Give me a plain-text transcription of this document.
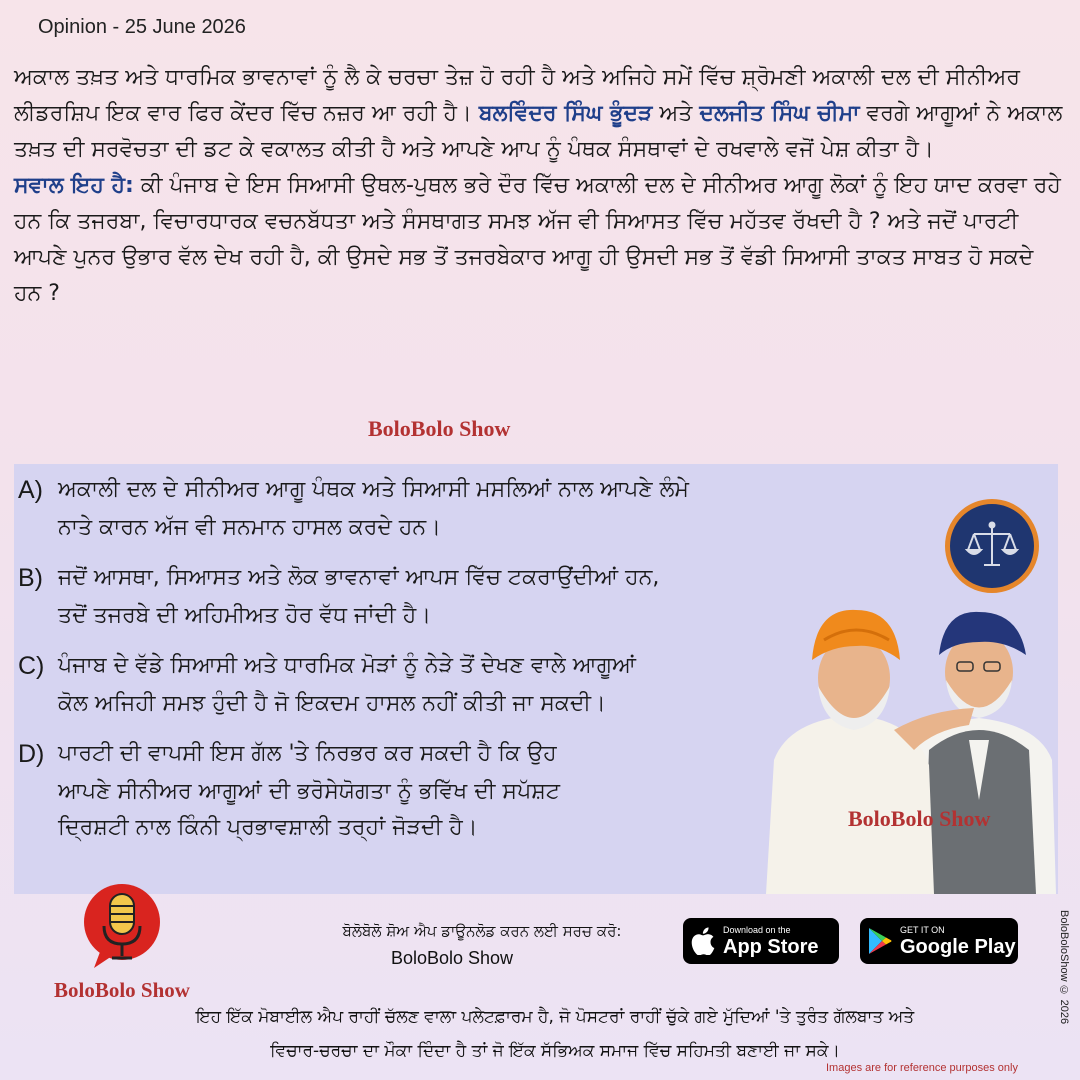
Opinion - 25 June 2026
ਅਕਾਲ ਤਖ਼ਤ ਅਤੇ ਧਾਰਮਿਕ ਭਾਵਨਾਵਾਂ ਨੂੰ ਲੈ ਕੇ ਚਰਚਾ ਤੇਜ਼ ਹੋ ਰਹੀ ਹੈ ਅਤੇ ਅਜਿਹੇ ਸਮੇਂ ਵਿੱਚ ਸ਼੍ਰੋਮਣੀ ਅਕਾਲੀ ਦਲ ਦੀ ਸੀਨੀਅਰ ਲੀਡਰਸ਼ਿਪ ਇਕ ਵਾਰ ਫਿਰ ਕੇਂਦਰ ਵਿੱਚ ਨਜ਼ਰ ਆ ਰਹੀ ਹੈ। ਬਲਵਿੰਦਰ ਸਿੰਘ ਭੂੰਦੜ ਅਤੇ ਦਲਜੀਤ ਸਿੰਘ ਚੀਮਾ ਵਰਗੇ ਆਗੂਆਂ ਨੇ ਅਕਾਲ ਤਖ਼ਤ ਦੀ ਸਰਵੋਚਤਾ ਦੀ ਡਟ ਕੇ ਵਕਾਲਤ ਕੀਤੀ ਹੈ ਅਤੇ ਆਪਣੇ ਆਪ ਨੂੰ ਪੰਥਕ ਸੰਸਥਾਵਾਂ ਦੇ ਰਖਵਾਲੇ ਵਜੋਂ ਪੇਸ਼ ਕੀਤਾ ਹੈ।
ਸਵਾਲ ਇਹ ਹੈ: ਕੀ ਪੰਜਾਬ ਦੇ ਇਸ ਸਿਆਸੀ ਉਥਲ-ਪੁਥਲ ਭਰੇ ਦੌਰ ਵਿੱਚ ਅਕਾਲੀ ਦਲ ਦੇ ਸੀਨੀਅਰ ਆਗੂ ਲੋਕਾਂ ਨੂੰ ਇਹ ਯਾਦ ਕਰਵਾ ਰਹੇ ਹਨ ਕਿ ਤਜਰਬਾ, ਵਿਚਾਰਧਾਰਕ ਵਚਨਬੱਧਤਾ ਅਤੇ ਸੰਸਥਾਗਤ ਸਮਝ ਅੱਜ ਵੀ ਸਿਆਸਤ ਵਿੱਚ ਮਹੱਤਵ ਰੱਖਦੀ ਹੈ ? ਅਤੇ ਜਦੋਂ ਪਾਰਟੀ ਆਪਣੇ ਪੁਨਰ ਉਭਾਰ ਵੱਲ ਦੇਖ ਰਹੀ ਹੈ, ਕੀ ਉਸਦੇ ਸਭ ਤੋਂ ਤਜਰਬੇਕਾਰ ਆਗੂ ਹੀ ਉਸਦੀ ਸਭ ਤੋਂ ਵੱਡੀ ਸਿਆਸੀ ਤਾਕਤ ਸਾਬਤ ਹੋ ਸਕਦੇ ਹਨ ?
BoloBolo Show
A) ਅਕਾਲੀ ਦਲ ਦੇ ਸੀਨੀਅਰ ਆਗੂ ਪੰਥਕ ਅਤੇ ਸਿਆਸੀ ਮਸਲਿਆਂ ਨਾਲ ਆਪਣੇ ਲੰਮੇ
ਨਾਤੇ ਕਾਰਨ ਅੱਜ ਵੀ ਸਨਮਾਨ ਹਾਸਲ ਕਰਦੇ ਹਨ।
B) ਜਦੋਂ ਆਸਥਾ, ਸਿਆਸਤ ਅਤੇ ਲੋਕ ਭਾਵਨਾਵਾਂ ਆਪਸ ਵਿੱਚ ਟਕਰਾਉਂਦੀਆਂ ਹਨ,
ਤਦੋਂ ਤਜਰਬੇ ਦੀ ਅਹਿਮੀਅਤ ਹੋਰ ਵੱਧ ਜਾਂਦੀ ਹੈ।
C) ਪੰਜਾਬ ਦੇ ਵੱਡੇ ਸਿਆਸੀ ਅਤੇ ਧਾਰਮਿਕ ਮੋੜਾਂ ਨੂੰ ਨੇੜੇ ਤੋਂ ਦੇਖਣ ਵਾਲੇ ਆਗੂਆਂ
ਕੋਲ ਅਜਿਹੀ ਸਮਝ ਹੁੰਦੀ ਹੈ ਜੋ ਇਕਦਮ ਹਾਸਲ ਨਹੀਂ ਕੀਤੀ ਜਾ ਸਕਦੀ।
D) ਪਾਰਟੀ ਦੀ ਵਾਪਸੀ ਇਸ ਗੱਲ 'ਤੇ ਨਿਰਭਰ ਕਰ ਸਕਦੀ ਹੈ ਕਿ ਉਹ
ਆਪਣੇ ਸੀਨੀਅਰ ਆਗੂਆਂ ਦੀ ਭਰੋਸੇਯੋਗਤਾ ਨੂੰ ਭਵਿੱਖ ਦੀ ਸਪੱਸ਼ਟ
ਦ੍ਰਿਸ਼ਟੀ ਨਾਲ ਕਿੰਨੀ ਪ੍ਰਭਾਵਸ਼ਾਲੀ ਤਰ੍ਹਾਂ ਜੋੜਦੀ ਹੈ।	BoloBolo Show
BoloBolo Show
ਬੋਲੋਬੋਲੋ ਸ਼ੋਅ ਐਪ ਡਾਊਨਲੋਡ ਕਰਨ ਲਈ ਸਰਚ ਕਰੋ:
BoloBolo Show
Download on the
App Store
GET IT ON
Google Play
ਇਹ ਇੱਕ ਮੋਬਾਈਲ ਐਪ ਰਾਹੀਂ ਚੱਲਣ ਵਾਲਾ ਪਲੇਟਫ਼ਾਰਮ ਹੈ, ਜੋ ਪੋਸਟਰਾਂ ਰਾਹੀਂ ਚੁੱਕੇ ਗਏ ਮੁੱਦਿਆਂ 'ਤੇ ਤੁਰੰਤ ਗੱਲਬਾਤ ਅਤੇ
ਵਿਚਾਰ-ਚਰਚਾ ਦਾ ਮੌਕਾ ਦਿੰਦਾ ਹੈ ਤਾਂ ਜੋ ਇੱਕ ਸੱਭਿਅਕ ਸਮਾਜ ਵਿੱਚ ਸਹਿਮਤੀ ਬਣਾਈ ਜਾ ਸਕੇ।
BoloBoloShow © 2026
Images are for reference purposes only
